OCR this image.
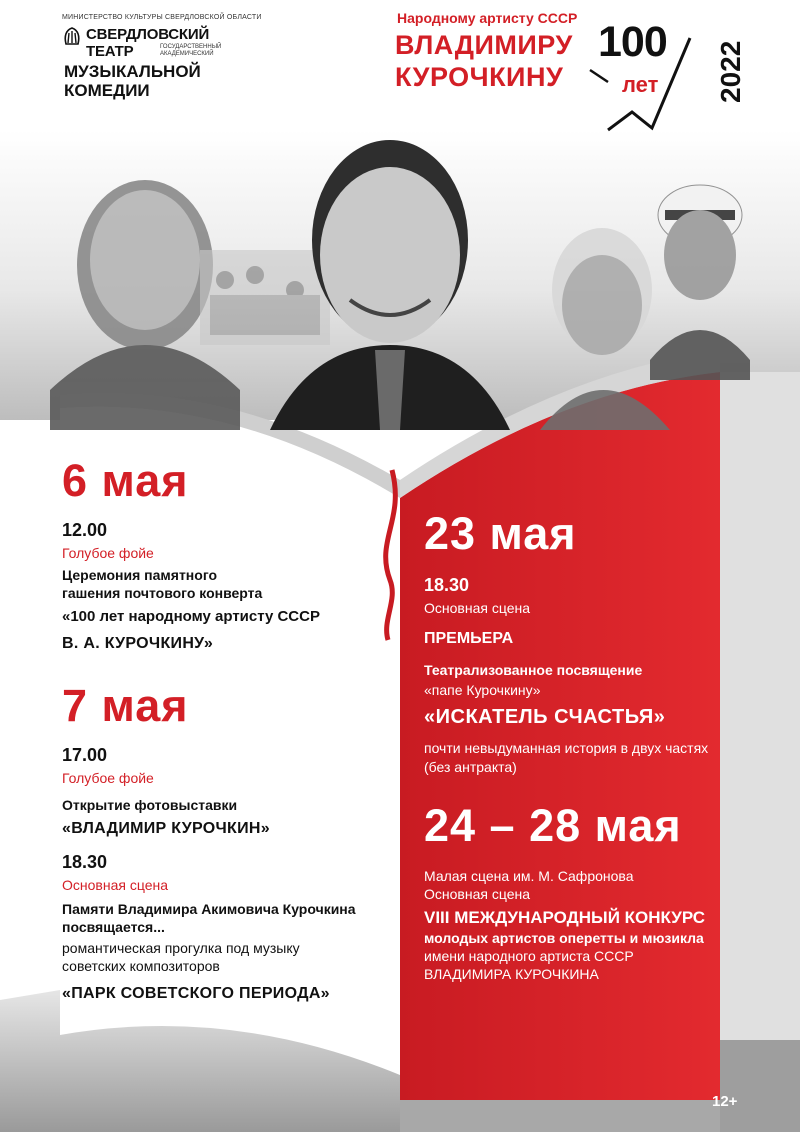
МИНИСТЕРСТВО КУЛЬТУРЫ СВЕРДЛОВСКОЙ ОБЛАСТИ
СВЕРДЛОВСКИЙ
ТЕАТР	ГОСУДАРСТВЕННЫЙ АКАДЕМИЧЕСКИЙ
МУЗЫКАЛЬНОЙ
КОМЕДИИ
Народному артисту СССР
ВЛАДИМИРУ
КУРОЧКИНУ
100
лет 2022
6 мая
12.00
Голубое фойе
Церемония памятного
гашения почтового конверта
«100 лет народному артисту СССР
В. А. КУРОЧКИНУ»
7 мая
17.00
Голубое фойе
Открытие фотовыставки
«ВЛАДИМИР КУРОЧКИН»
18.30
Основная сцена
Памяти Владимира Акимовича Курочкина
посвящается...
романтическая прогулка под музыку
советских композиторов
«ПАРК СОВЕТСКОГО ПЕРИОДА»
23 мая
18.30
Основная сцена
ПРЕМЬЕРА
Театрализованное посвящение
«папе Курочкину»
«ИСКАТЕЛЬ СЧАСТЬЯ»
почти невыдуманная история в двух частях
(без антракта)
24 – 28 мая
Малая сцена им. М. Сафронова
Основная сцена
VIII МЕЖДУНАРОДНЫЙ КОНКУРС
молодых артистов оперетты и мюзикла
имени народного артиста СССР
ВЛАДИМИРА КУРОЧКИНА
12+
